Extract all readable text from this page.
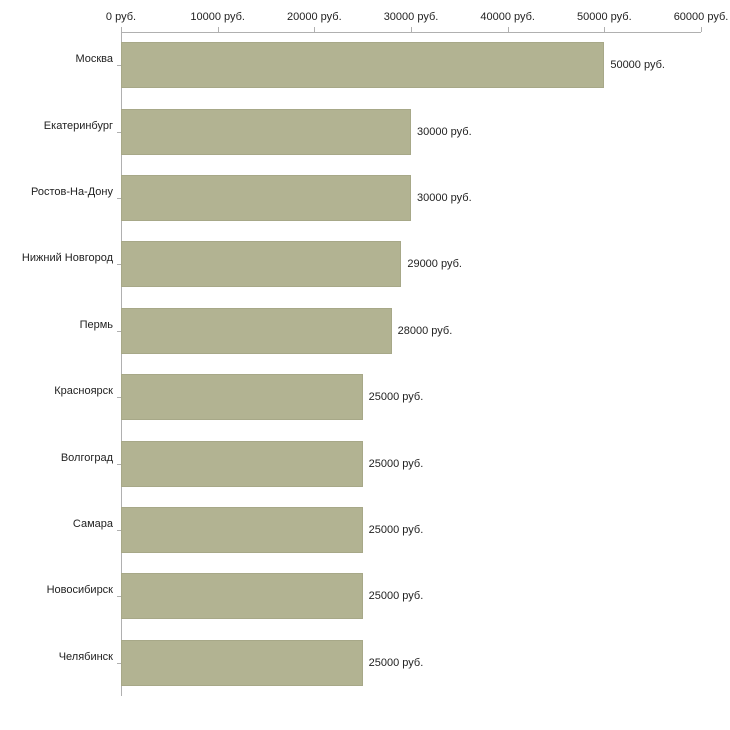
0 руб.	10000 руб.	20000 руб.	30000 руб.	40000 руб.	50000 руб.	60000 руб.
Москва
Екатеринбург
Ростов-На-Дону
Нижний Новгород
Пермь
Красноярск
Волгоград
Самара
Новосибирск
Челябинск
50000 руб.
30000 руб.
30000 руб.
29000 руб.
28000 руб.
25000 руб.
25000 руб.
25000 руб.
25000 руб.
25000 руб.
